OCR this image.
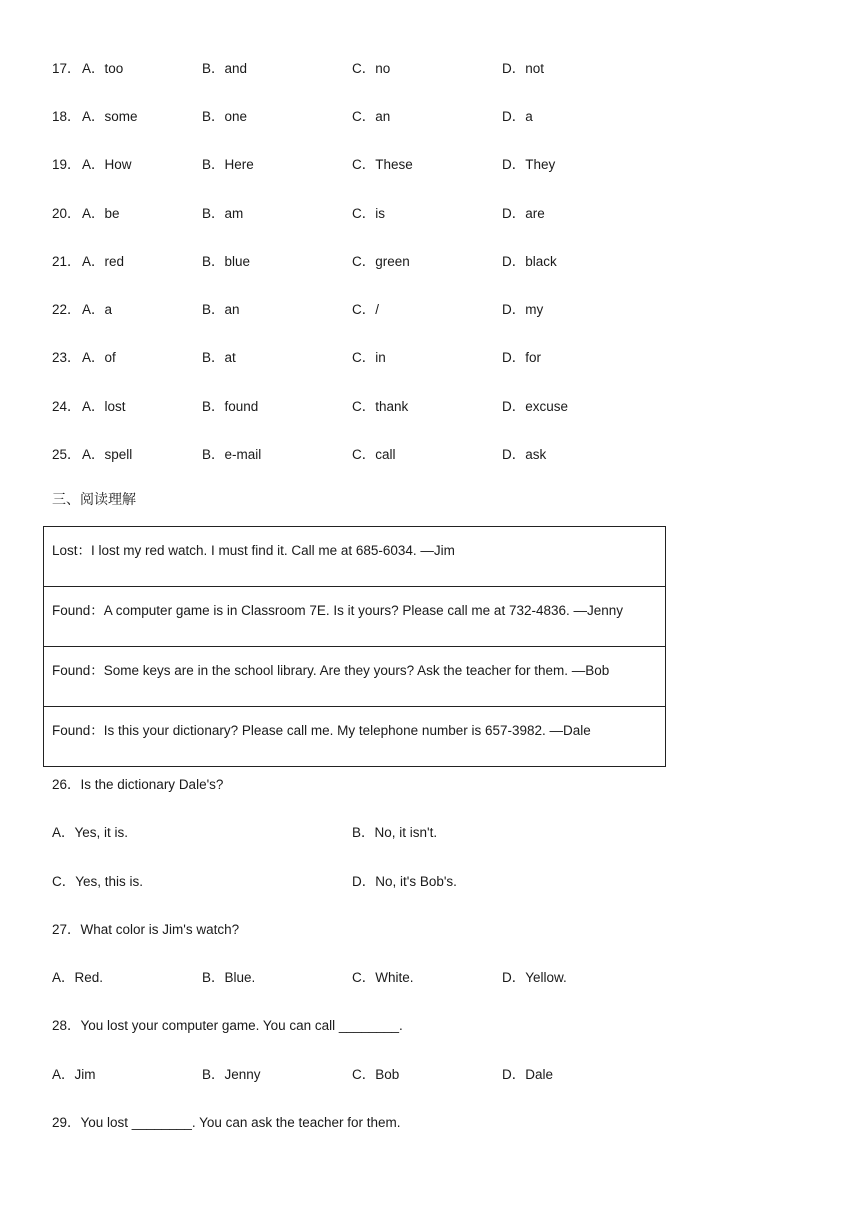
17． A．too	B．and	C．no	D．not
18． A．some	B．one	C．an	D．a
19． A．How	B．Here	C．These	D．They
20． A．be	B．am	C．is	D．are
21． A．red	B．blue	C．green	D．black
22． A．a	B．an	C．/	D．my
23． A．of	B．at	C．in	D．for
24． A．lost	B．found	C．thank	D．excuse
25． A．spell	B．e-mail	C．call	D．ask
三、阅读理解
Lost：I lost my red watch. I must find it. Call me at 685-6034. —Jim

Found：A computer game is in Classroom 7E. Is it yours? Please call me at 732-4836. —Jenny

Found：Some keys are in the school library. Are they yours? Ask the teacher for them. —Bob

Found：Is this your dictionary? Please call me. My telephone number is 657-3982. —Dale
26．Is the dictionary Dale's?
A．Yes, it is.	B．No, it isn't.
C．Yes, this is.	D．No, it's Bob's.
27．What color is Jim's watch?
A．Red.	B．Blue.	C．White.	D．Yellow.
28．You lost your computer game. You can call ________.
A．Jim	B．Jenny	C．Bob	D．Dale
29．You lost ________. You can ask the teacher for them.
